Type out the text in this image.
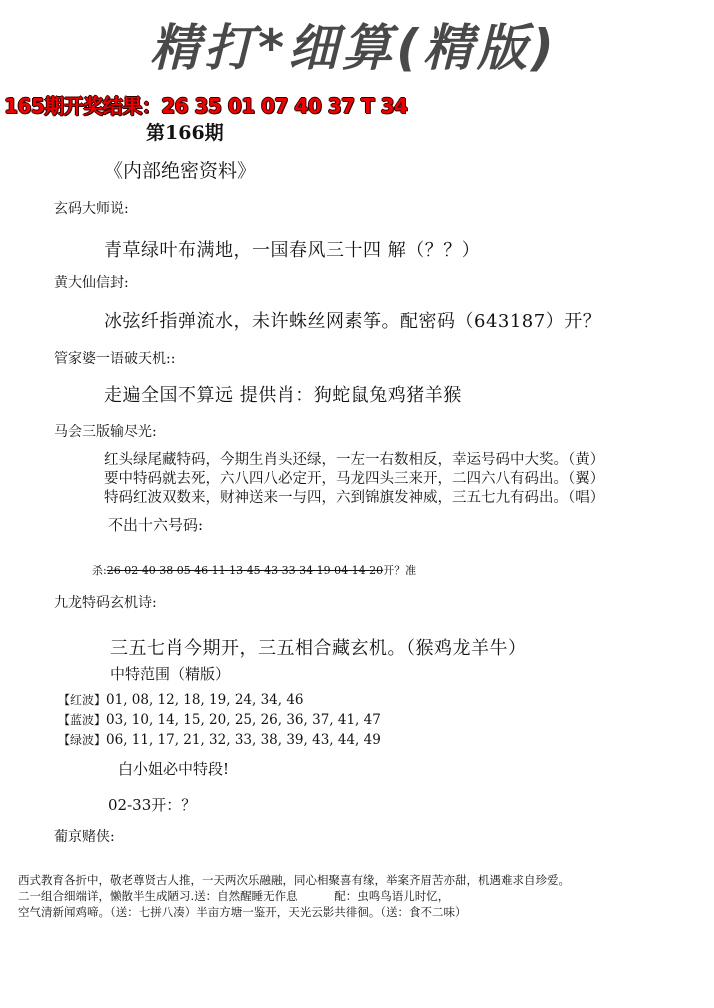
精打*细算(精版)
165期开奖结果：26 35 01 07 40 37 T 34
第166期
《内部绝密资料》
玄码大师说:
青草绿叶布满地，一国春风三十四 解（？？）
黄大仙信封:
冰弦纤指弹流水，未许蛛丝网素筝。配密码（643187）开？
管家婆一语破天机::
走遍全国不算远 提供肖：狗蛇鼠兔鸡猪羊猴
马会三版输尽光:
红头绿尾藏特码，今期生肖头还绿，一左一右数相反，幸运号码中大奖。（黄）
要中特码就去死，六八四八必定开，马龙四头三来开，二四六八有码出。（翼）
特码红波双数来，财神送来一与四，六到锦旗发神威，三五七九有码出。（唱）
不出十六号码:
杀:26 02 40 38 05 46 11 13 45 43 33 34 19 04 14 20开？准
九龙特码玄机诗:
三五七肖今期开，三五相合藏玄机。（猴鸡龙羊牛）
中特范围（精版）
【红波】01, 08, 12, 18, 19, 24, 34, 46
【蓝波】03, 10, 14, 15, 20, 25, 26, 36, 37, 41, 47
【绿波】06, 11, 17, 21, 32, 33, 38, 39, 43, 44, 49
白小姐必中特段!
02-33开：？
葡京赌侠:
西式教育各折中，敬老尊贤古人推，一天两次乐融融，同心相聚喜有缘，举案齐眉苦亦甜，机遇难求自珍爱。
二一组合细端详，懒散半生成陋习.送：自然醒睡无作息          配：虫鸣鸟语儿时忆，
空气清新闻鸡啼。（送：七拼八凑）半亩方塘一鉴开，天光云影共徘徊。（送：食不二味）
